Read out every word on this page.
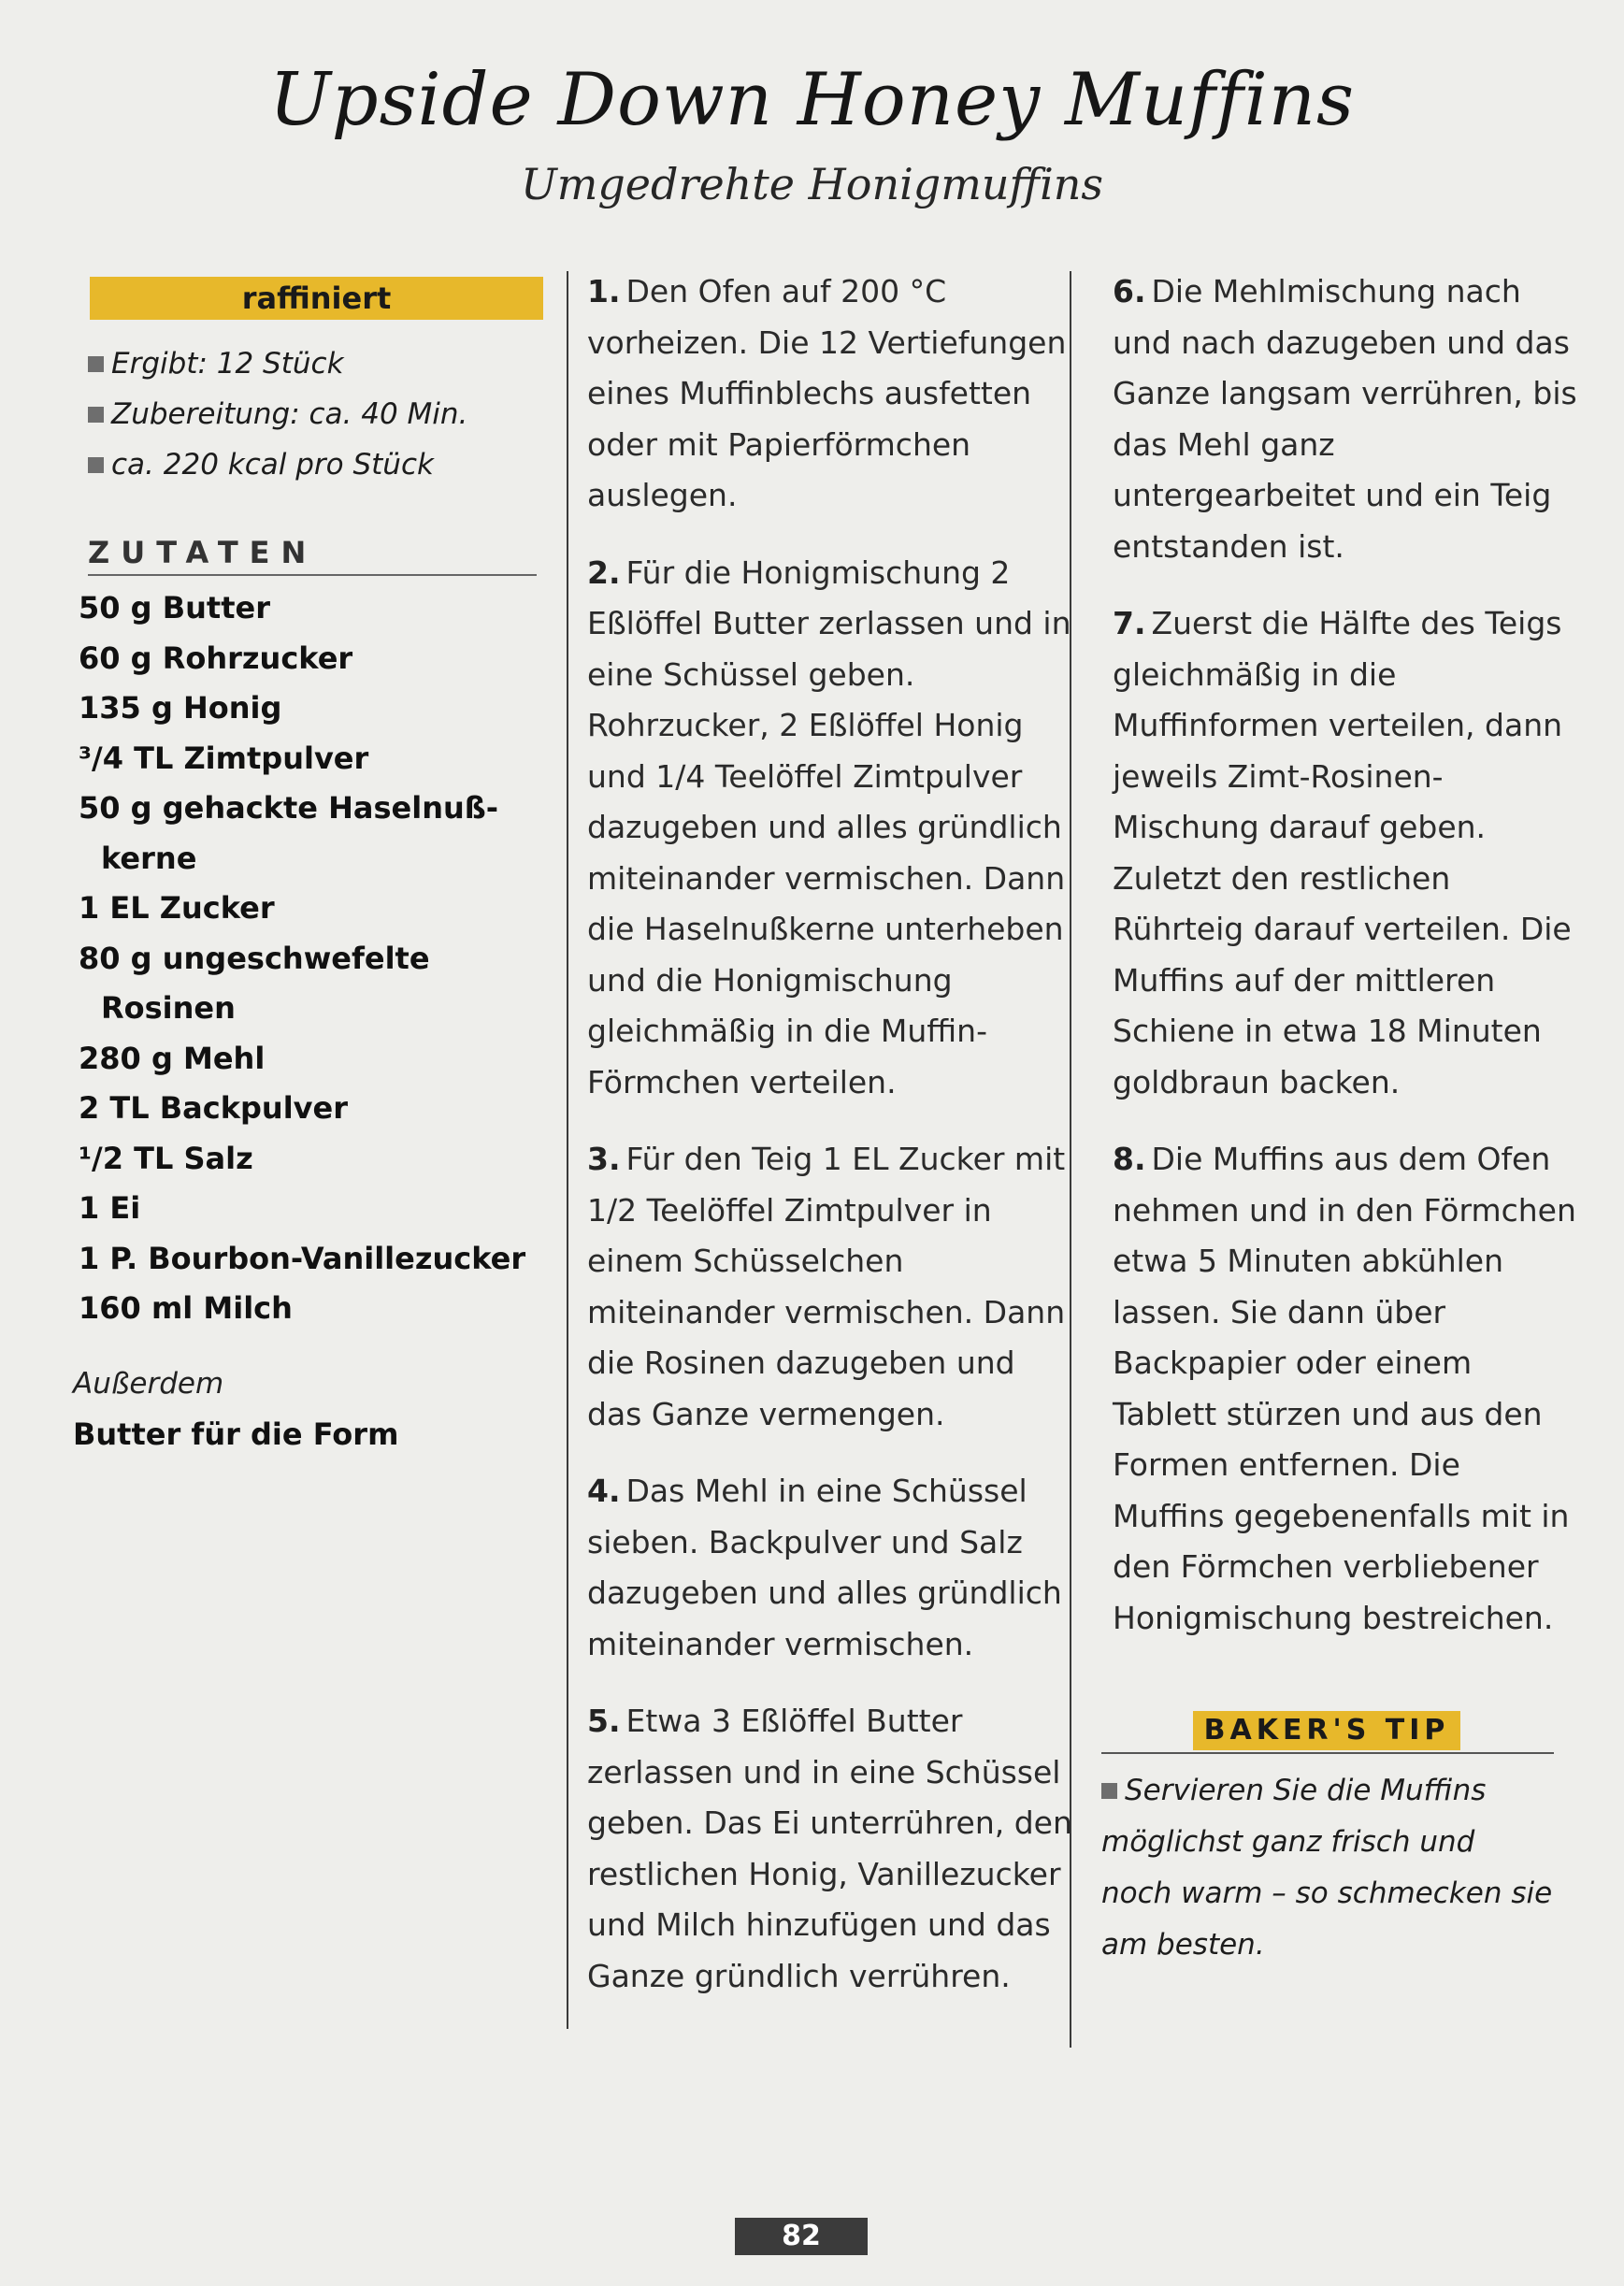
Upside Down Honey Muffins
Umgedrehte Honigmuffins
raffiniert
Ergibt: 12 Stück
Zubereitung: ca. 40 Min.
ca. 220 kcal pro Stück
ZUTATEN
50 g Butter
60 g Rohrzucker
135 g Honig
³/4 TL Zimtpulver
50 g gehackte Haselnuß-
kerne
1 EL Zucker
80 g ungeschwefelte
Rosinen
280 g Mehl
2 TL Backpulver
¹/2 TL Salz
1 Ei
1 P. Bourbon-Vanillezucker
160 ml Milch
Außerdem
Butter für die Form
1. Den Ofen auf 200 °C vorheizen. Die 12 Vertiefungen eines Muffinblechs ausfetten oder mit Papierförmchen auslegen.
2. Für die Honigmischung 2 Eßlöffel Butter zerlassen und in eine Schüssel geben. Rohrzucker, 2 Eßlöffel Honig und 1/4 Teelöffel Zimtpulver dazugeben und alles gründlich miteinander vermischen. Dann die Haselnußkerne unterheben und die Honigmischung gleichmäßig in die Muffin-Förmchen verteilen.
3. Für den Teig 1 EL Zucker mit 1/2 Teelöffel Zimtpulver in einem Schüsselchen miteinander vermischen. Dann die Rosinen dazugeben und das Ganze vermengen.
4. Das Mehl in eine Schüssel sieben. Backpulver und Salz dazugeben und alles gründlich miteinander vermischen.
5. Etwa 3 Eßlöffel Butter zerlassen und in eine Schüssel geben. Das Ei unterrühren, den restlichen Honig, Vanillezucker und Milch hinzufügen und das Ganze gründlich verrühren.
6. Die Mehlmischung nach und nach dazugeben und das Ganze langsam verrühren, bis das Mehl ganz untergearbeitet und ein Teig entstanden ist.
7. Zuerst die Hälfte des Teigs gleichmäßig in die Muffinformen verteilen, dann jeweils Zimt-Rosinen-Mischung darauf geben. Zuletzt den restlichen Rührteig darauf verteilen. Die Muffins auf der mittleren Schiene in etwa 18 Minuten goldbraun backen.
8. Die Muffins aus dem Ofen nehmen und in den Förmchen etwa 5 Minuten abkühlen lassen. Sie dann über Backpapier oder einem Tablett stürzen und aus den Formen entfernen. Die Muffins gegebenenfalls mit in den Förmchen verbliebener Honigmischung bestreichen.
BAKER'S TIP
Servieren Sie die Muffins möglichst ganz frisch und noch warm – so schmecken sie am besten.
82
